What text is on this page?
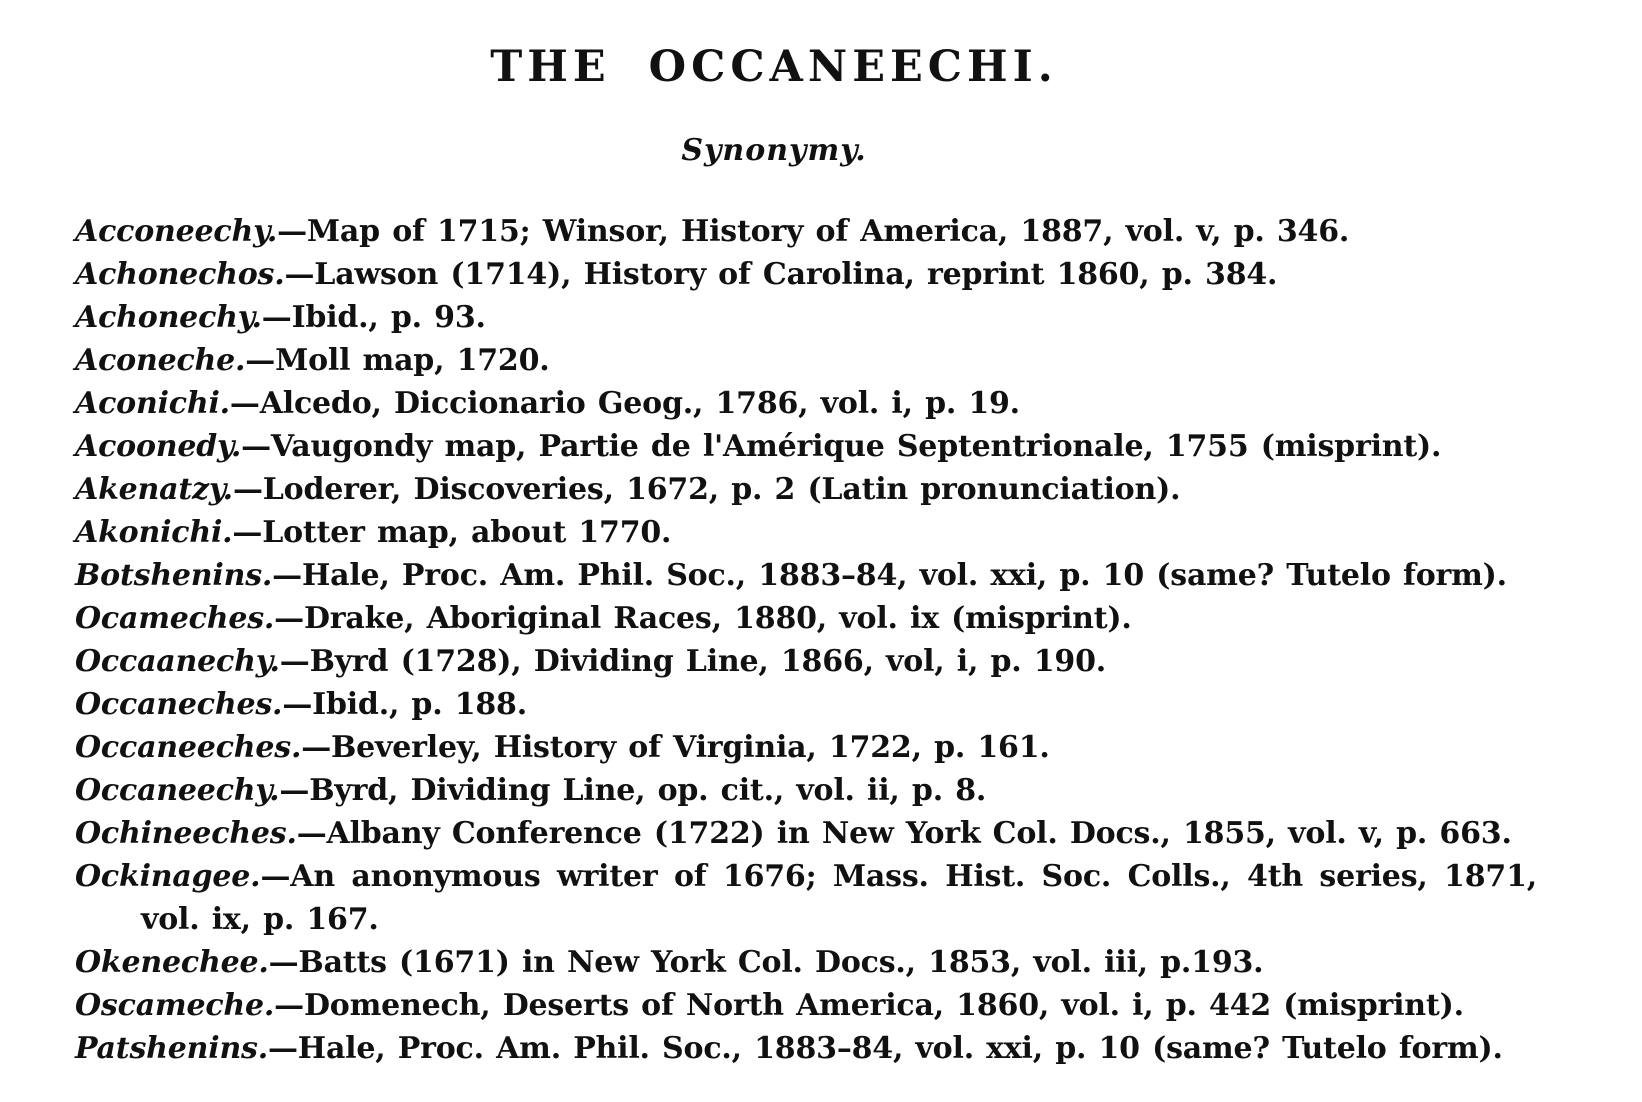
THE OCCANEECHI.
Synonymy.

Acconeechy.—Map of 1715; Winsor, History of America, 1887, vol. v, p. 346.

Achonechos.—Lawson (1714), History of Carolina, reprint 1860, p. 384.

Achonechy.—Ibid., p. 93.

Aconeche.—Moll map, 1720.

Aconichi.—Alcedo, Diccionario Geog., 1786, vol. i, p. 19.

Acoonedy.—Vaugondy map, Partie de l'Amérique Septentrionale, 1755 (misprint).

Akenatzy.—Loderer, Discoveries, 1672, p. 2 (Latin pronunciation).

Akonichi.—Lotter map, about 1770.

Botshenins.—Hale, Proc. Am. Phil. Soc., 1883–84, vol. xxi, p. 10 (same? Tutelo form).

Ocameches.—Drake, Aboriginal Races, 1880, vol. ix (misprint).

Occaanechy.—Byrd (1728), Dividing Line, 1866, vol, i, p. 190.

Occaneches.—Ibid., p. 188.

Occaneeches.—Beverley, History of Virginia, 1722, p. 161.

Occaneechy.—Byrd, Dividing Line, op. cit., vol. ii, p. 8.

Ochineeches.—Albany Conference (1722) in New York Col. Docs., 1855, vol. v, p. 663.

Ockinagee.—An anonymous writer of 1676; Mass. Hist. Soc. Colls., 4th series, 1871, vol. ix, p. 167.

Okenechee.—Batts (1671) in New York Col. Docs., 1853, vol. iii, p.193.

Oscameche.—Domenech, Deserts of North America, 1860, vol. i, p. 442 (misprint).

Patshenins.—Hale, Proc. Am. Phil. Soc., 1883–84, vol. xxi, p. 10 (same? Tutelo form).
